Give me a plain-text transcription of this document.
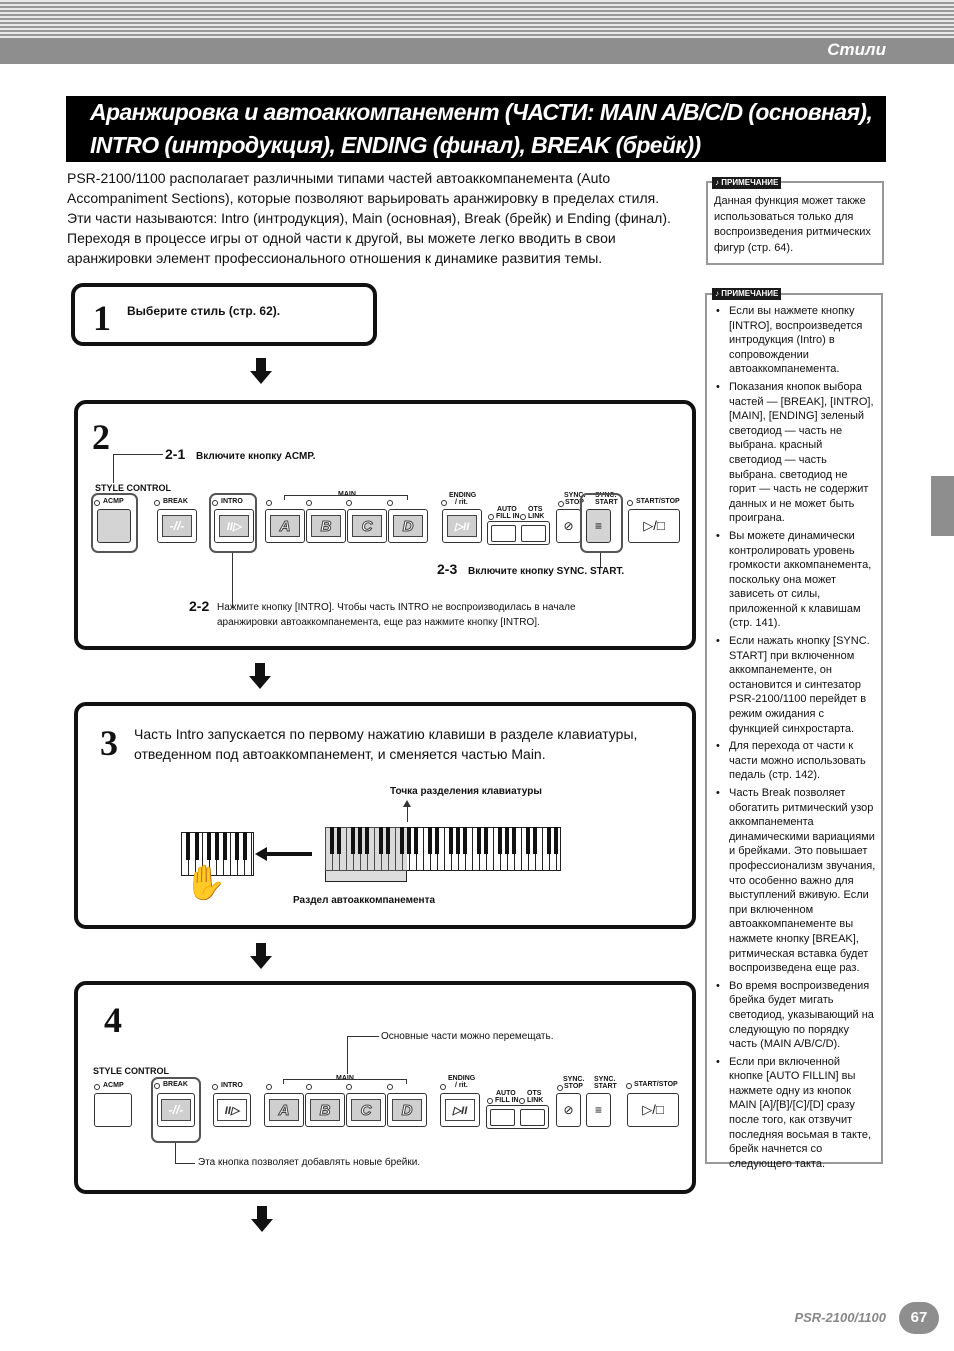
Стили
Аранжировка и автоаккомпанемент (ЧАСТИ: MAIN A/B/C/D (основная), INTRO (интродукция), ENDING (финал), BREAK (брейк))
PSR-2100/1100 располагает различными типами частей автоаккомпанемента (Auto Accompaniment Sections), которые позволяют варьировать аранжировку в пределах стиля. Эти части называются: Intro (интродукция), Main (основная), Break (брейк) и Ending (финал). Переходя в процессе игры от одной части к другой, вы можете легко вводить в свои аранжировки элемент профессионального отношения к динамике развития темы.
Данная функция может также использоваться только для воспроизведения ритмических фигур (стр. 64).
♪ ПРИМЕЧАНИЕ
• Если вы нажмете кнопку [INTRO], воспроизведется интродукция (Intro) в сопровождении автоаккомпанемента.
• Показания кнопок выбора частей — [BREAK], [INTRO], [MAIN], [ENDING] зеленый светодиод — часть не выбрана. красный светодиод — часть выбрана. светодиод не горит — часть не содержит данных и не может быть проиграна.
• Вы можете динамически контролировать уровень громкости аккомпанемента, поскольку она может зависеть от силы, приложенной к клавишам (стр. 141).
• Если нажать кнопку [SYNC. START] при включенном аккомпанементе, он остановится и синтезатор PSR-2100/1100 перейдет в режим ожидания с функцией синхростарта.
• Для перехода от части к части можно использовать педаль (стр. 142).
• Часть Break позволяет обогатить ритмический узор аккомпанемента динамическими вариациями и брейками. Это повышает профессионализм звучания, что особенно важно для выступлений вживую. Если при включенном автоаккомпанементе вы нажмете кнопку [BREAK], ритмическая вставка будет воспроизведена еще раз.
• Во время воспроизведения брейка будет мигать светодиод, указывающий на следующую по порядку часть (MAIN A/B/C/D).
• Если при включенной кнопке [AUTO FILLIN] вы нажмете одну из кнопок MAIN [A]/[B]/[C]/[D] сразу после того, как отзвучит последняя восьмая в такте, брейк начнется со следующего такта.
♪ ПРИМЕЧАНИЕ
1 Выберите стиль (стр. 62).
2	2-1 Включите кнопку ACMP.
STYLE CONTROL
ACMP	BREAK
-//-
INTRO
II▷
MAIN
A	B	C	D
ENDING
/ rit.
▷II
AUTO
FILL IN
OTS
LINK
SYNC.
STOP
SYNC.
START
⊘ ≡
START/STOP
▷/□
2-3 Включите кнопку SYNC. START.
2-2 Нажмите кнопку [INTRO]. Чтобы часть INTRO не воспроизводилась в начале аранжировки автоаккомпанемента, еще раз нажмите кнопку [INTRO].
3 Часть Intro запускается по первому нажатию клавиши в разделе клавиатуры, отведенном под автоаккомпанемент, и сменяется частью Main.
Точка разделения клавиатуры
✋	Раздел автоаккомпанемента
4	Основные части можно перемещать.
STYLE CONTROL
ACMP	BREAK
-//-
INTRO
II▷
MAIN
A	B	C	D
ENDING
/ rit.
▷II
AUTO
FILL IN
OTS
LINK
SYNC.
STOP
SYNC.
START
⊘ ≡
START/STOP
▷/□
Эта кнопка позволяет добавлять новые брейки.
PSR-2100/1100	67
